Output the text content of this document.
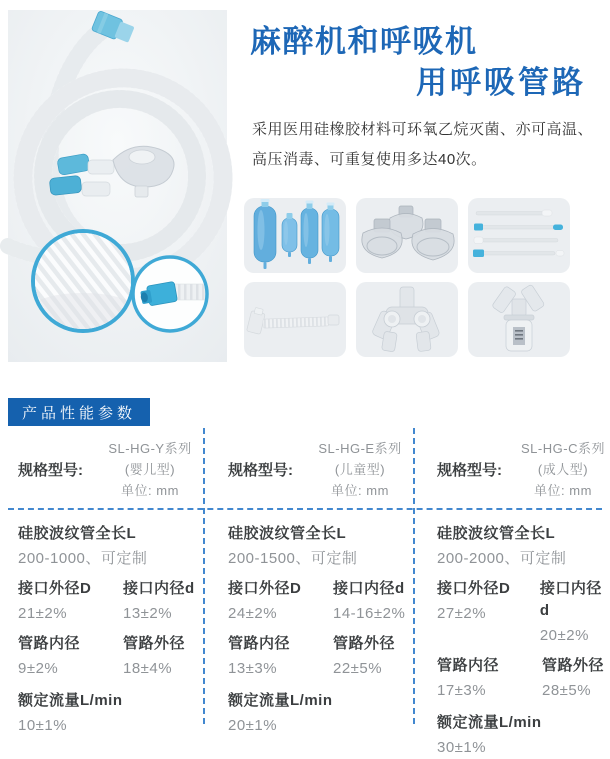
麻醉机和呼吸机
用呼吸管路
采用医用硅橡胶材料可环氧乙烷灭菌、亦可高温、
高压消毒、可重复使用多达40次。
产品性能参数
规格型号:
SL-HG-Y系列
(婴儿型)
单位: mm
硅胶波纹管全长L
200-1000、可定制
接口外径D
21±2%
接口内径d
13±2%
管路内径
9±2%
管路外径
18±4%
额定流量L/min
10±1%
规格型号:
SL-HG-E系列
(儿童型)
单位: mm
硅胶波纹管全长L
200-1500、可定制
接口外径D
24±2%
接口内径d
14-16±2%
管路内径
13±3%
管路外径
22±5%
额定流量L/min
20±1%
规格型号:
SL-HG-C系列
(成人型)
单位: mm
硅胶波纹管全长L
200-2000、可定制
接口外径D
27±2%
接口内径d
20±2%
管路内径
17±3%
管路外径
28±5%
额定流量L/min
30±1%
